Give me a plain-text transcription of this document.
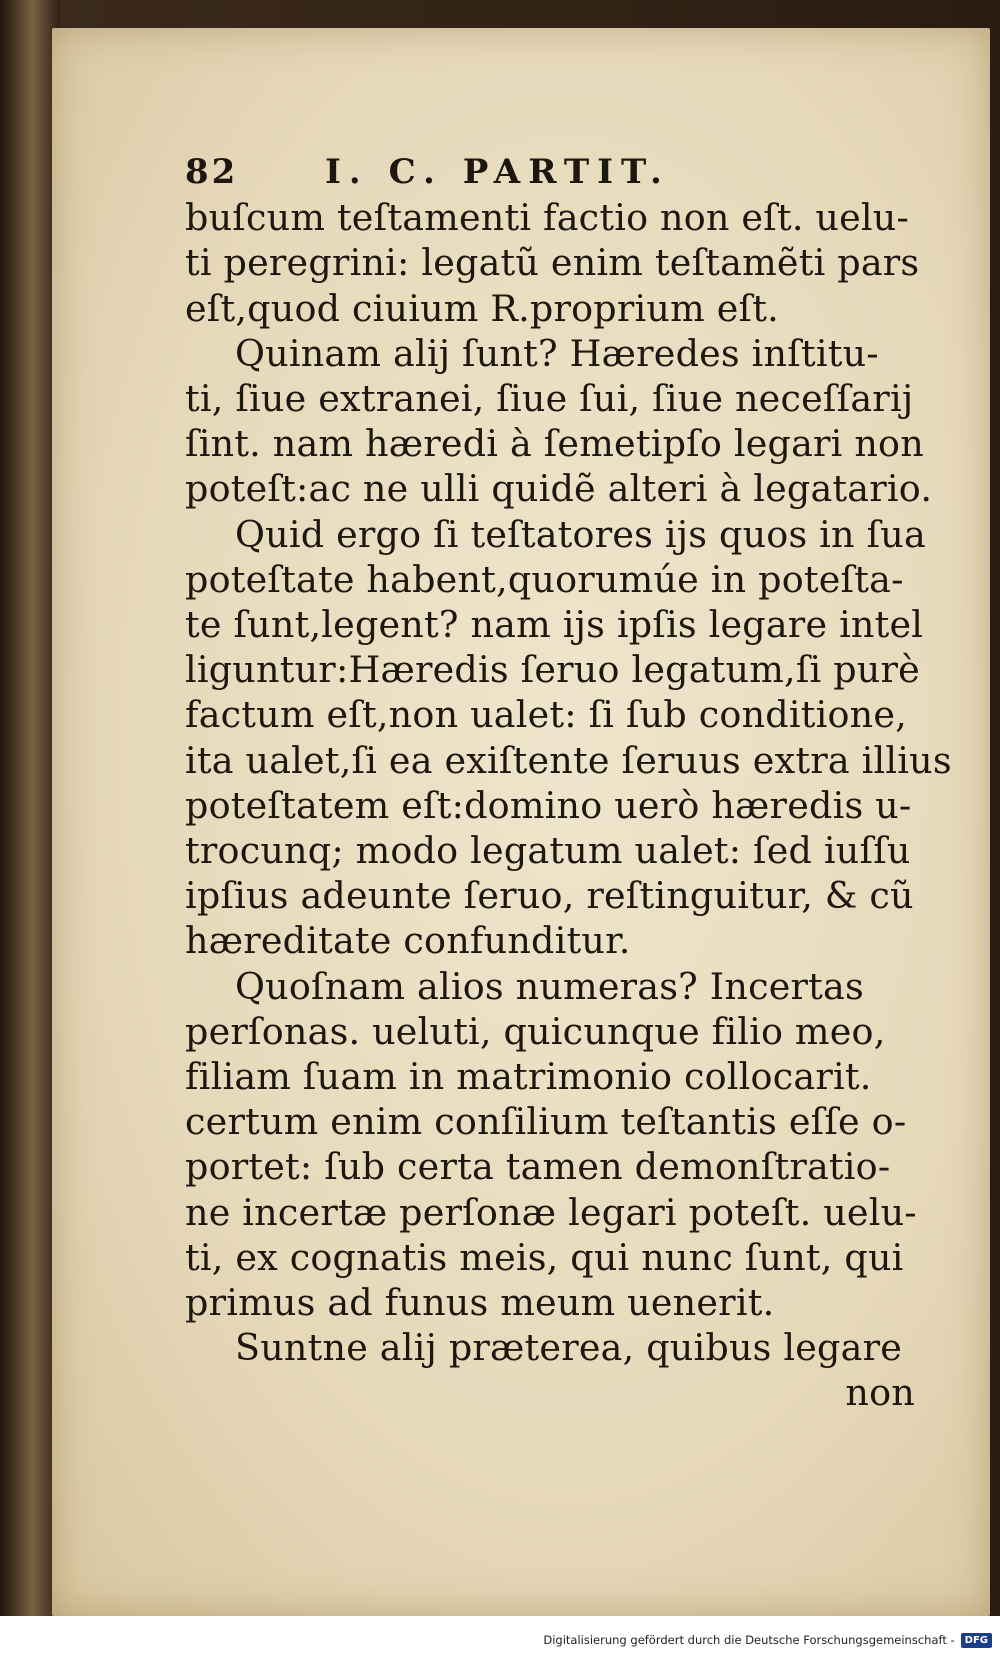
82	I. C. PARTIT.
buſcum teſtamenti factio non eſt. uelu-
ti peregrini: legatũ enim teſtamẽti pars
eſt,quod ciuium R.proprium eſt.
Quinam alij ſunt? Hæredes inſtitu-
ti, ſiue extranei, ſiue ſui, ſiue neceſſarij
ſint. nam hæredi à ſemetipſo legari non
poteſt:ac ne ulli quidẽ alteri à legatario.
Quid ergo ſi teſtatores ijs quos in ſua
poteſtate habent,quorumúe in poteſta-
te ſunt,legent? nam ijs ipſis legare intel
liguntur:Hæredis ſeruo legatum,ſi purè
factum eſt,non ualet: ſi ſub conditione,
ita ualet,ſi ea exiſtente ſeruus extra illius
poteſtatem eſt:domino uerò hæredis u-
trocunq; modo legatum ualet: ſed iuſſu
ipſius adeunte ſeruo, reſtinguitur, & cũ
hæreditate confunditur.
Quoſnam alios numeras? Incertas
perſonas. ueluti, quicunque filio meo,
filiam ſuam in matrimonio collocarit.
certum enim conſilium teſtantis eſſe o-
portet: ſub certa tamen demonſtratio-
ne incertæ perſonæ legari poteſt. uelu-
ti, ex cognatis meis, qui nunc ſunt, qui
primus ad funus meum uenerit.
Suntne alij præterea, quibus legare
non
Digitalisierung gefördert durch die Deutsche Forschungsgemeinschaft -	DFG
